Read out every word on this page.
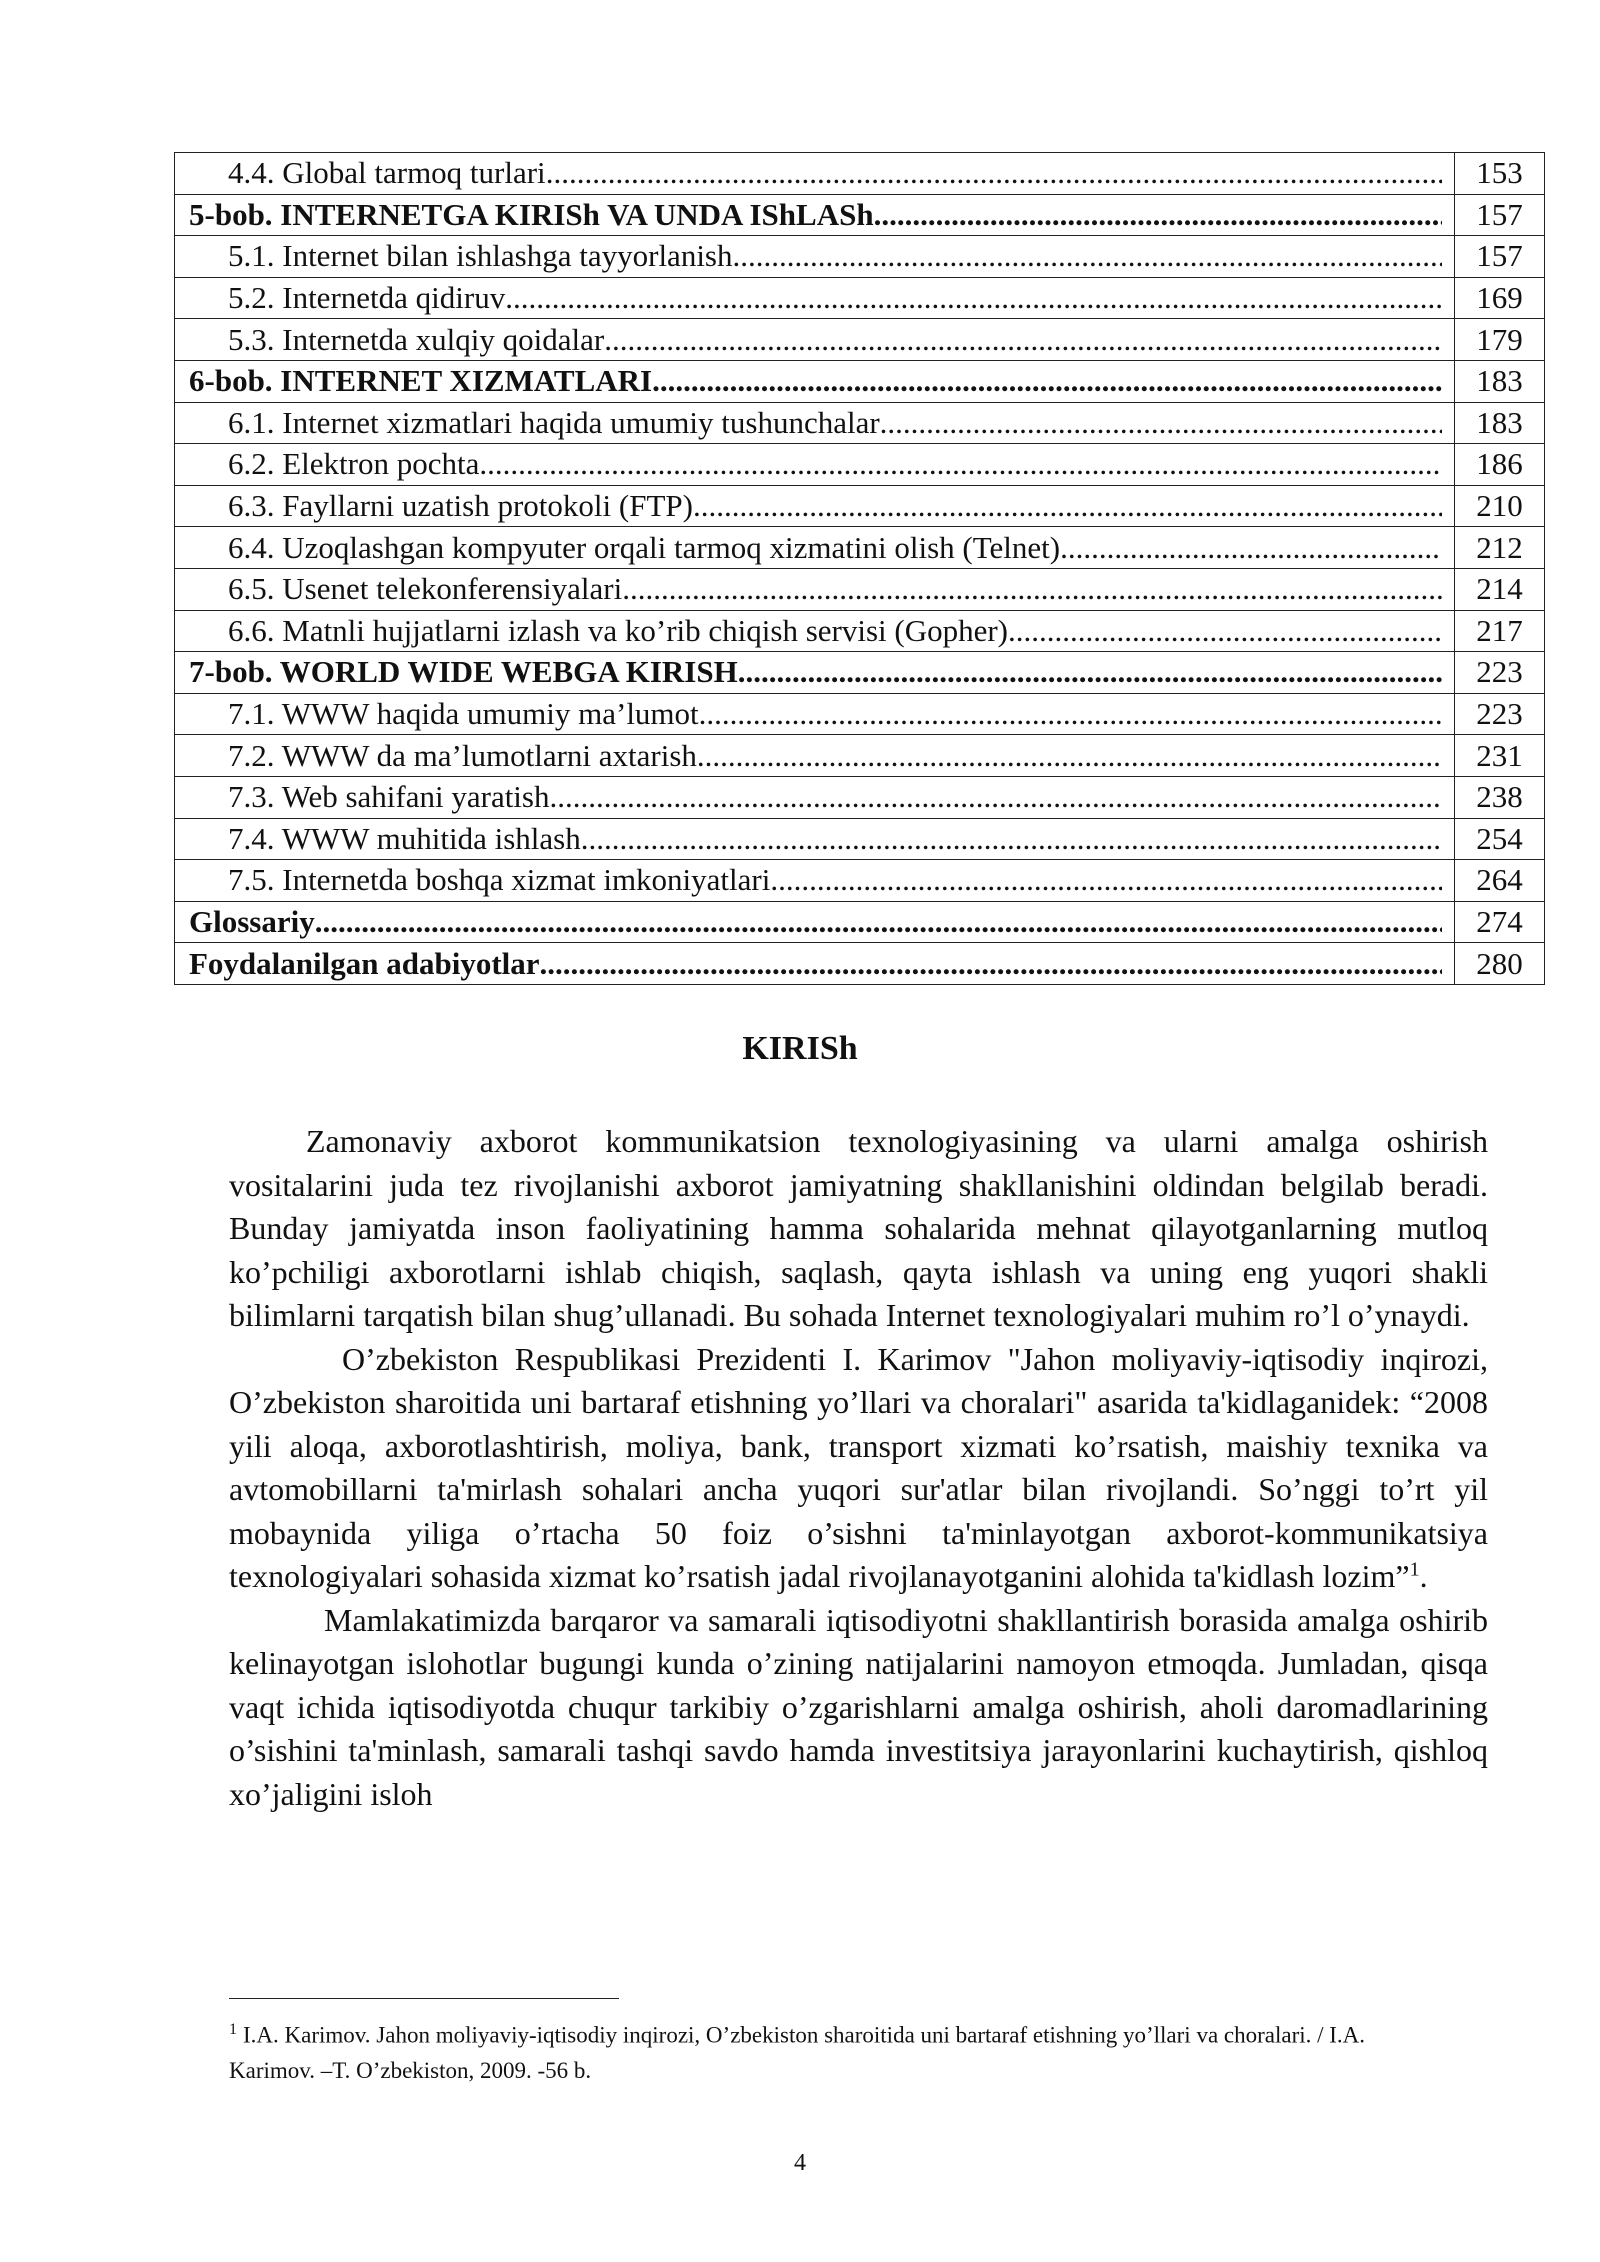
4.4. Global tarmoq turlari
.....	153

5-bob. INTERNETGA KIRISh VA UNDA IShLASh
.....	157

5.1. Internet bilan ishlashga tayyorlanish
.....	157

5.2. Internetda qidiruv
.....	169

5.3. Internetda xulqiy qoidalar
.....	179

6-bob. INTERNET XIZMATLARI
.....	183

6.1. Internet xizmatlari haqida umumiy tushunchalar
.....	183

6.2. Elektron pochta
.....	186

6.3. Fayllarni uzatish protokoli (FTP)
.....	210

6.4. Uzoqlashgan kompyuter orqali tarmoq xizmatini olish (Telnet)
.....	212

6.5. Usenet telekonferensiyalari
.....	214

6.6. Matnli hujjatlarni izlash va ko’rib chiqish servisi (Gopher)
.....	217

7-bob. WORLD WIDE WEBGA KIRISH
.....	223

7.1. WWW haqida umumiy ma’lumot
.....	223

7.2. WWW da ma’lumotlarni axtarish
.....	231

7.3. Web sahifani yaratish
.....	238

7.4. WWW muhitida ishlash
.....	254

7.5. Internetda boshqa xizmat imkoniyatlari
.....	264

Glossariy
.....	274

Foydalanilgan adabiyotlar
.....	280
KIRISh

Zamonaviy axborot kommunikatsion texnologiyasining va ularni amalga oshirish vositalarini juda tez rivojlanishi axborot jamiyatning shakllanishini oldindan belgilab beradi. Bunday jamiyatda inson faoliyatining hamma sohalarida mehnat qilayotganlarning mutloq ko’pchiligi axborotlarni ishlab chiqish, saqlash, qayta ishlash va uning eng yuqori shakli bilimlarni tarqatish bilan shug’ullanadi. Bu sohada Internet texnologiyalari muhim ro’l o’ynaydi.

O’zbekiston Respublikasi Prezidenti I. Karimov "Jahon moliyaviy-iqtisodiy inqirozi, O’zbekiston sharoitida uni bartaraf etishning yo’llari va choralari" asarida ta'kidlaganidek: “2008 yili aloqa, axborotlashtirish, moliya, bank, transport xizmati ko’rsatish, maishiy texnika va avtomobillarni ta'mirlash sohalari ancha yuqori sur'atlar bilan rivojlandi. So’nggi to’rt yil mobaynida yiliga o’rtacha 50 foiz o’sishni ta'minlayotgan axborot-kommunikatsiya texnologiyalari sohasida xizmat ko’rsatish jadal rivojlanayotganini alohida ta'kidlash lozim”$^1$.

Mamlakatimizda barqaror va samarali iqtisodiyotni shakllantirish borasida amalga oshirib kelinayotgan islohotlar bugungi kunda o’zining natijalarini namoyon etmoqda. Jumladan, qisqa vaqt ichida iqtisodiyotda chuqur tarkibiy o’zgarishlarni amalga oshirish, aholi daromadlarining o’sishini ta'minlash, samarali tashqi savdo hamda investitsiya jarayonlarini kuchaytirish, qishloq xo’jaligini isloh

$^1$ I.A. Karimov. Jahon moliyaviy-iqtisodiy inqirozi, O’zbekiston sharoitida uni bartaraf etishning yo’llari va choralari. / I.A. Karimov. –T. O’zbekiston, 2009. -56 b.
4
